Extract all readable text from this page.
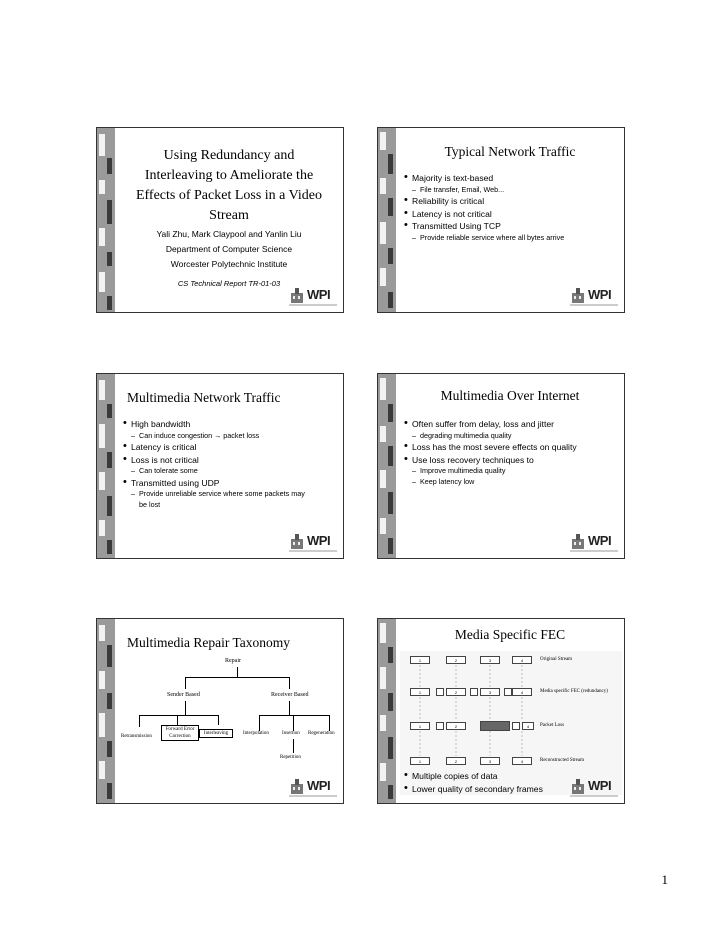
Using Redundancy and
Interleaving to Ameliorate the
Effects of Packet Loss in a Video
Stream
Yali Zhu, Mark Claypool and Yanlin Liu
Department of Computer Science
Worcester Polytechnic Institute
CS Technical Report TR-01-03
WPI
Typical Network Traffic
• Majority is text-based
– File transfer, Email, Web...
• Reliability is critical
• Latency is not critical
• Transmitted Using TCP
– Provide reliable service where all bytes arrive
WPI
Multimedia Network Traffic
• High bandwidth
– Can induce congestion → packet loss
• Latency is critical
• Loss is not critical
– Can tolerate some
• Transmitted using UDP
– Provide unreliable service where some packets may be lost
WPI
Multimedia Over Internet
• Often suffer from delay, loss and jitter
– degrading multimedia quality
• Loss has the most severe effects on quality
• Use loss recovery techniques to
– Improve multimedia quality
– Keep latency low
WPI
Multimedia Repair Taxonomy
Repair
Sender Based	Receiver Based
Retransmission
Forward Error Correction
Interleaving	Interpolation	Insertion Regeneration
Repetition
WPI
Media Specific FEC
1	2	3	4	Original Stream
1	2	3	4	Media specific FEC (redundancy)
1	2	4	Packet Loss
1	2	3	4	Reconstructed Stream
• Multiple copies of data
• Lower quality of secondary frames	WPI
1
